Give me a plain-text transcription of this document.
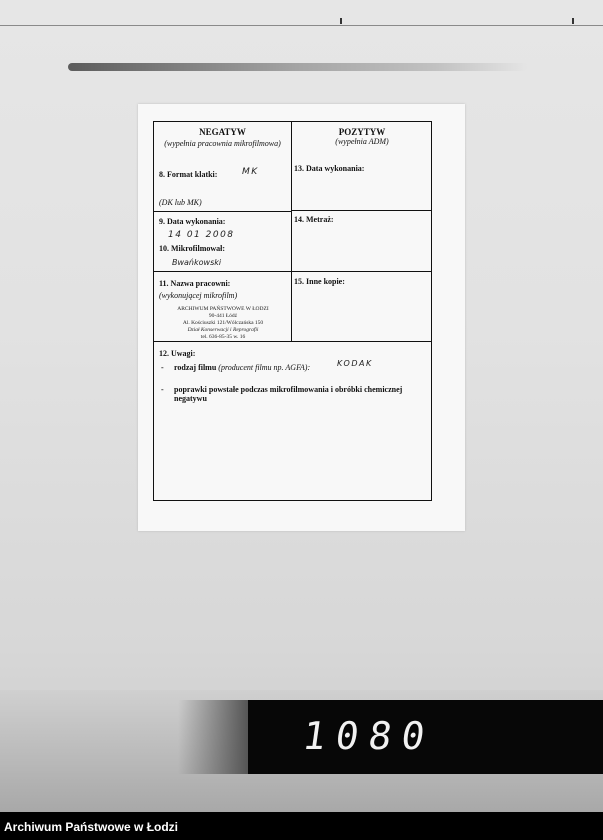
NEGATYW
(wypełnia pracownia mikrofilmowa)
POZYTYW
(wypełnia ADM)
8. Format klatki:	MK
(DK lub MK)
13. Data wykonania:
9. Data wykonania:
14 01 2008
10. Mikrofilmował:
Bwańkowski
14. Metraż:
11. Nazwa pracowni:
(wykonującej mikrofilm)
15. Inne kopie:
ARCHIWUM PAŃSTWOWE W ŁODZI
90-441 Łódź
Al. Kościuszki 121/Wólczańska 150
Dział Konserwacji i Reprografii
tel. 636-85-35 w. 16
12. Uwagi:
- rodzaj filmu (producent filmu np. AGFA):	KODAK
- poprawki powstałe podczas mikrofilmowania i obróbki chemicznej negatywu
1080
Archiwum Państwowe w Łodzi
